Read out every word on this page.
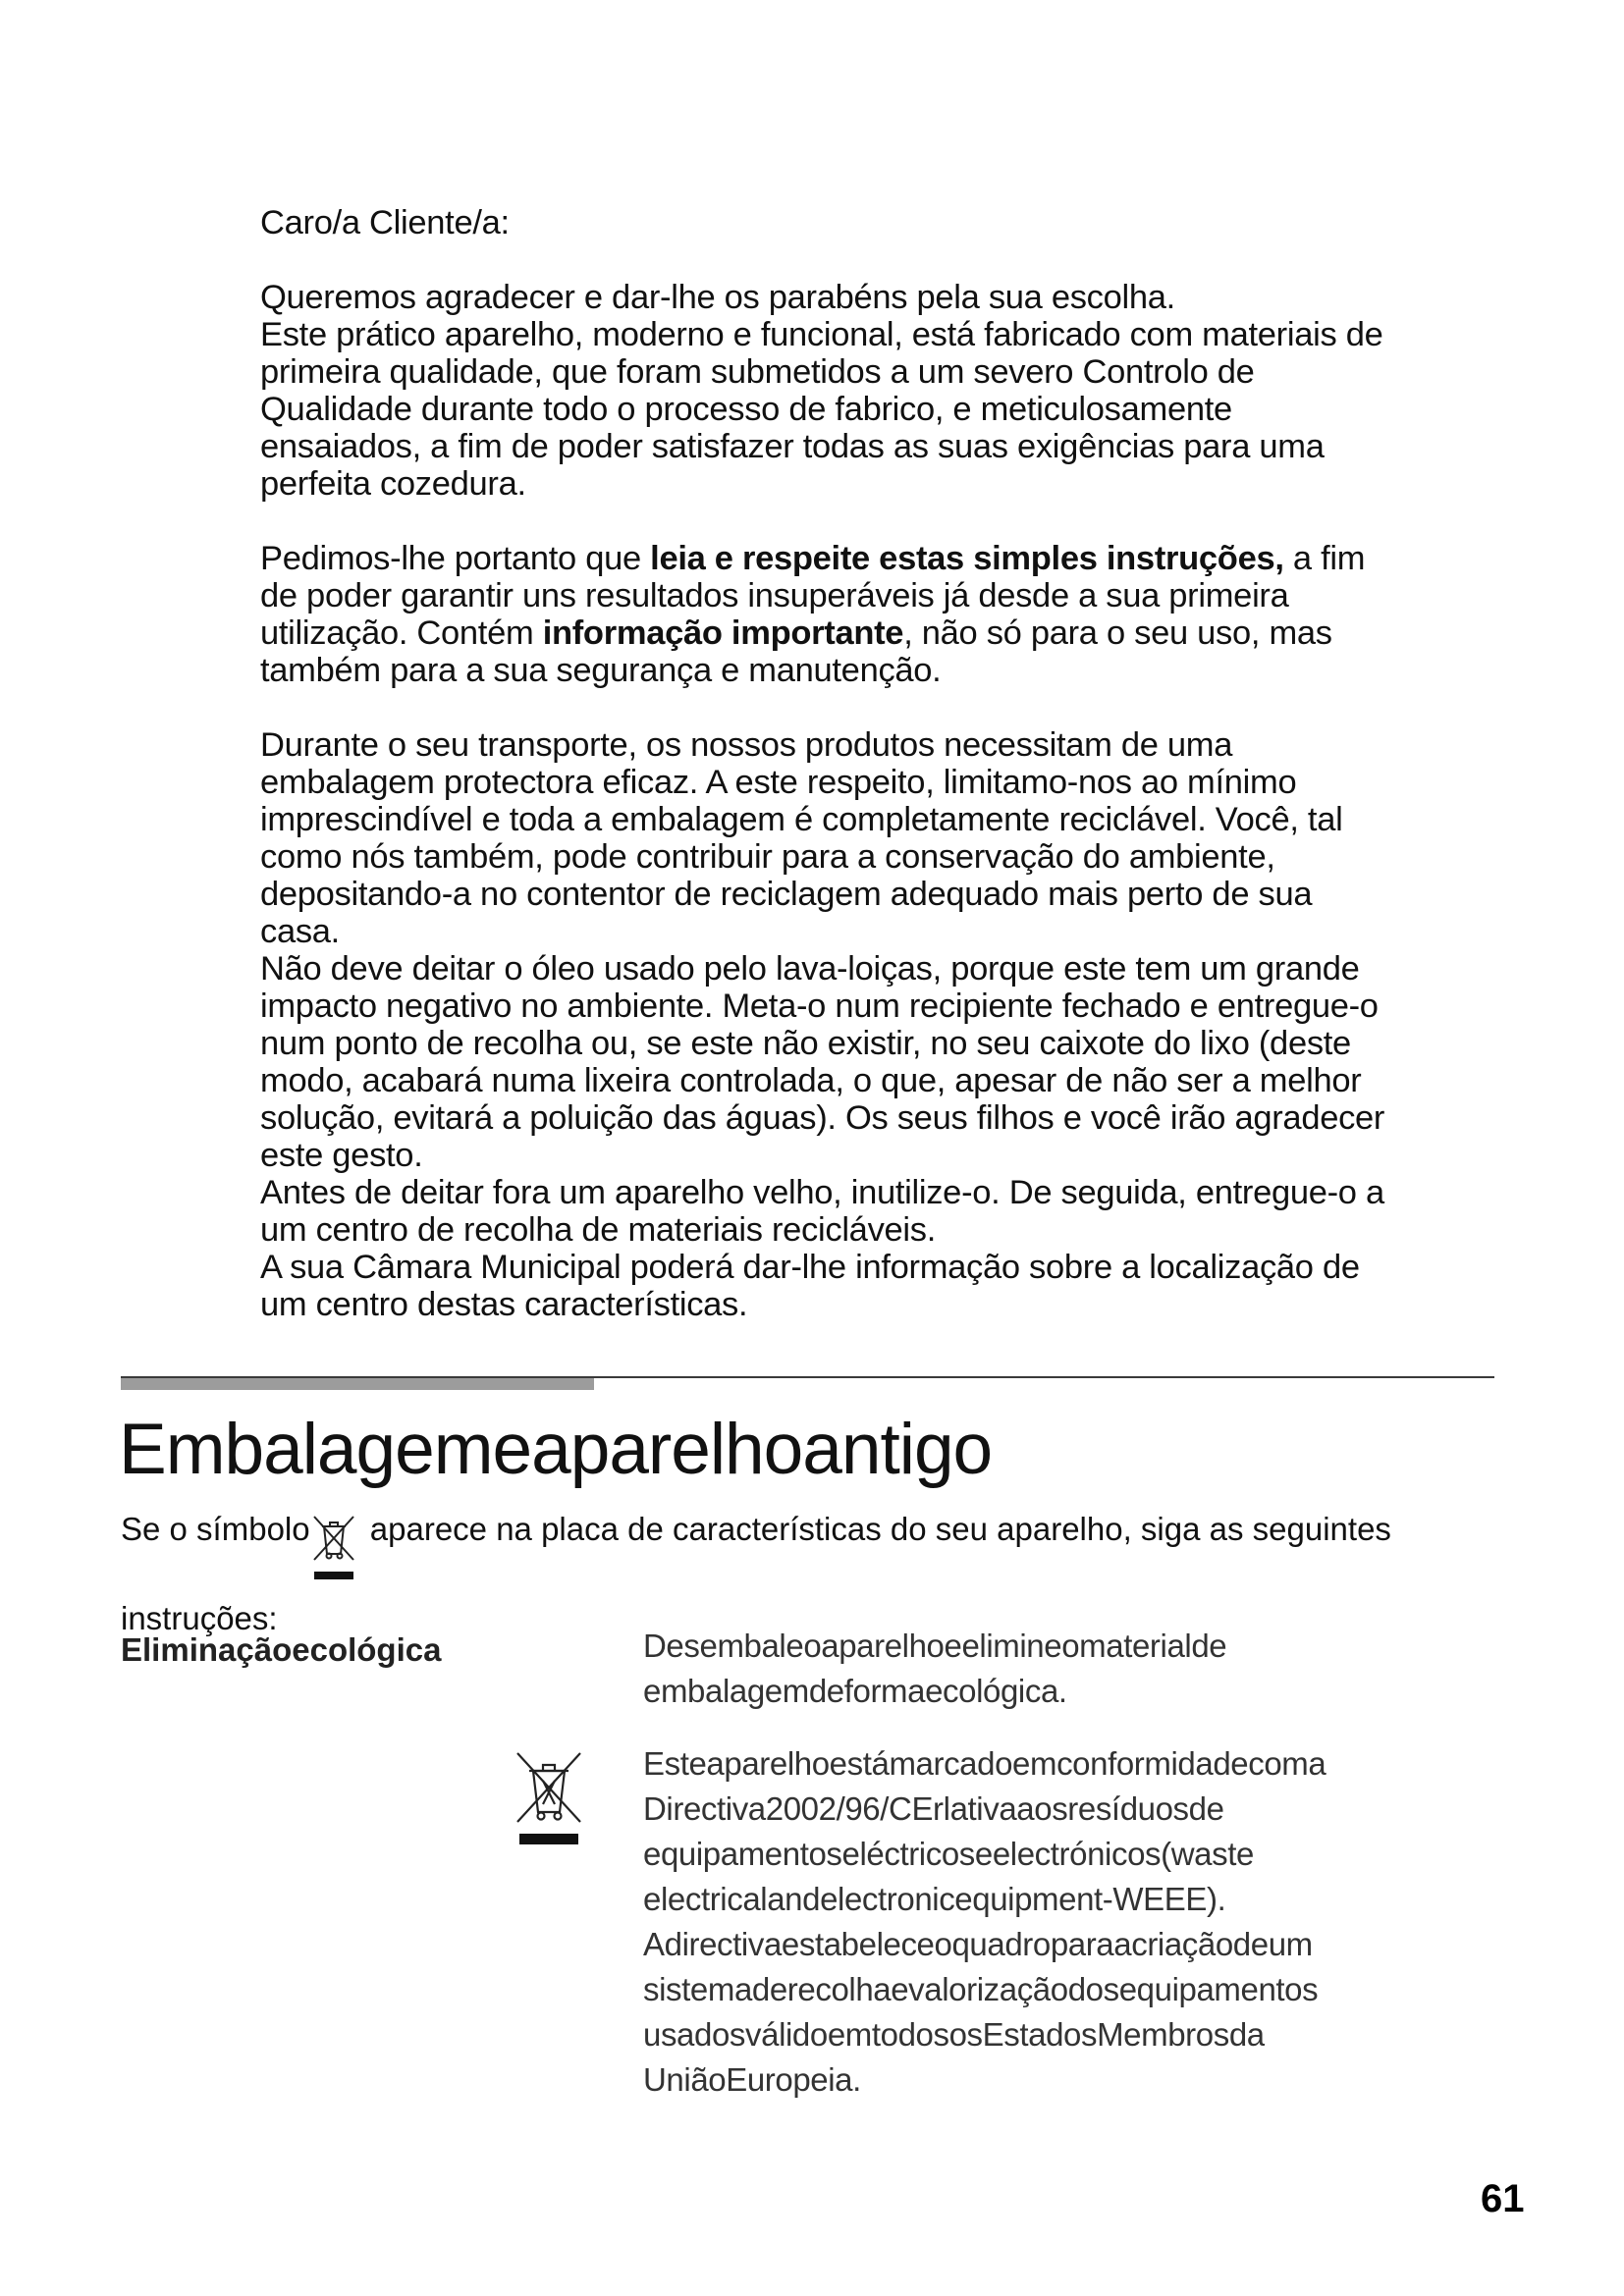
Caro/a Cliente/a:

Queremos agradecer e dar-lhe os parabéns pela sua escolha.
Este prático aparelho, moderno e funcional, está fabricado com materiais de primeira qualidade, que foram submetidos a um severo Controlo de Qualidade durante todo o processo de fabrico, e meticulosamente ensaiados, a fim de poder satisfazer todas as suas exigências para uma perfeita cozedura.

Pedimos-lhe portanto que leia e respeite estas simples instruções, a fim de poder garantir uns resultados insuperáveis já desde a sua primeira utilização. Contém informação importante, não só para o seu uso, mas também para a sua segurança e manutenção.

Durante o seu transporte, os nossos produtos necessitam de uma embalagem protectora eficaz. A este respeito, limitamo-nos ao mínimo imprescindível e toda a embalagem é completamente reciclável. Você, tal como nós também, pode contribuir para a conservação do ambiente, depositando-a no contentor de reciclagem adequado mais perto de sua casa.

Não deve deitar o óleo usado pelo lava-loiças, porque este tem um grande impacto negativo no ambiente. Meta-o num recipiente fechado e entregue-o num ponto de recolha ou, se este não existir, no seu caixote do lixo (deste modo, acabará numa lixeira controlada, o que, apesar de não ser a melhor solução, evitará a poluição das águas). Os seus filhos e você irão agradecer este gesto.

Antes de deitar fora um aparelho velho, inutilize-o. De seguida, entregue-o a um centro de recolha de materiais recicláveis.

A sua Câmara Municipal poderá dar-lhe informação sobre a localização de um centro destas características.

Embalagemeaparelhoantigo
Se o símbolo aparece na placa de características do seu aparelho, siga as seguintes instruções:
Eliminaçãoecológica	Desembaleoaparelhoeelimineomaterialde embalagemdeformaecológica.

Esteaparelhoestámarcadoemconformidadecoma Directiva2002/96/CErlativaaosresíduosde equipamentoseléctricoseelectrónicos(waste electricalandelectronicequipment-WEEE).

Adirectivaestabeleceoquadroparaacriaçãodeum sistemaderecolhaevalorizaçãodosequipamentos usadosválidoemtodososEstadosMembrosda UniãoEuropeia.

61
